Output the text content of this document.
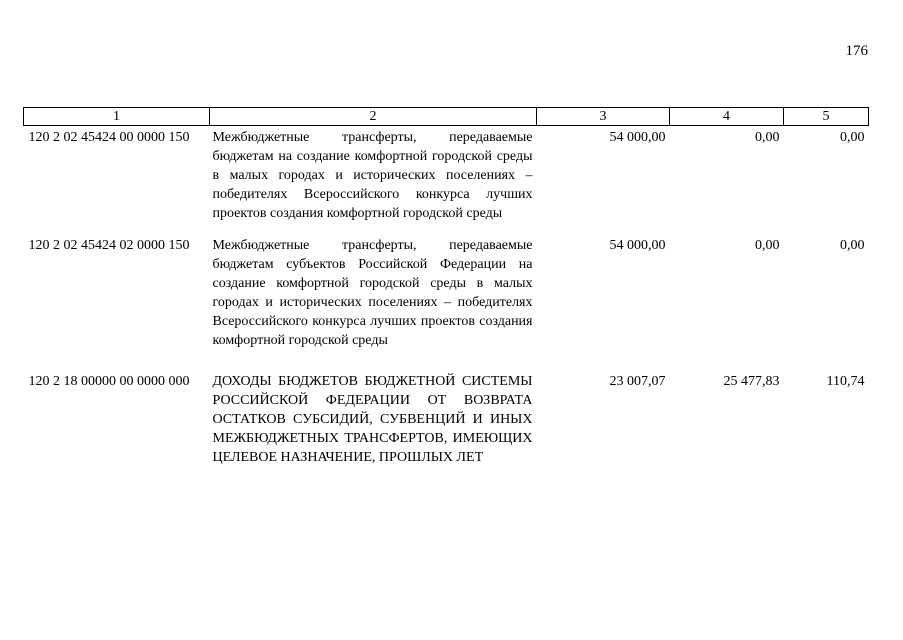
176
1	2	3	4	5
120 2 02 45424 00 0000 150	Межбюджетные трансферты, передаваемые бюджетам на создание комфортной городской среды в малых городах и исторических поселениях – победителях Всероссийского конкурса лучших проектов создания комфортной городской среды	54 000,00	0,00	0,00
120 2 02 45424 02 0000 150	Межбюджетные трансферты, передаваемые бюджетам субъектов Российской Федерации на создание комфортной городской среды в малых городах и исторических поселениях – победителях Всероссийского конкурса лучших проектов создания комфортной городской среды	54 000,00	0,00	0,00
120 2 18 00000 00 0000 000	ДОХОДЫ БЮДЖЕТОВ БЮДЖЕТНОЙ СИСТЕМЫ РОССИЙСКОЙ ФЕДЕРАЦИИ ОТ ВОЗВРАТА ОСТАТКОВ СУБСИДИЙ, СУБВЕНЦИЙ И ИНЫХ МЕЖБЮДЖЕТНЫХ ТРАНСФЕРТОВ, ИМЕЮЩИХ ЦЕЛЕВОЕ НАЗНАЧЕНИЕ, ПРОШЛЫХ ЛЕТ	23 007,07	25 477,83	110,74
